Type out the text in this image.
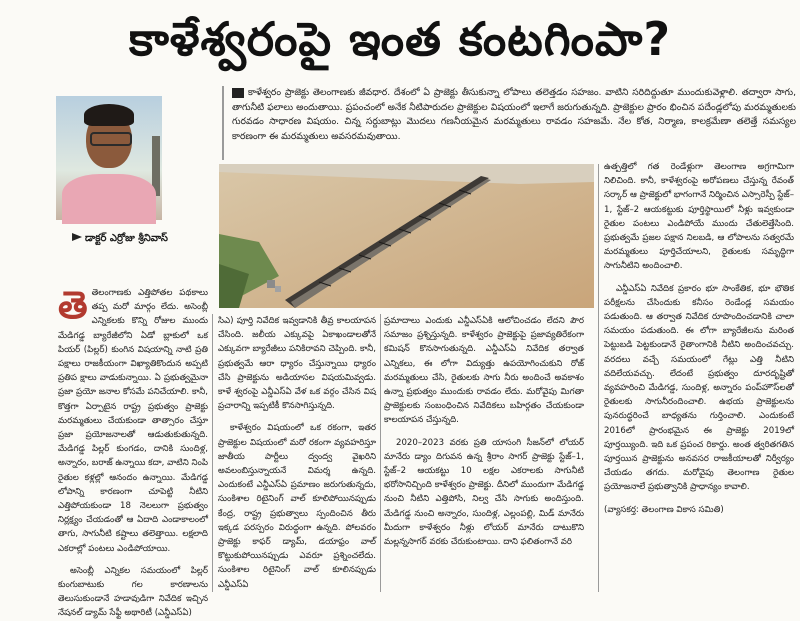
కాళేశ్వరంపై ఇంత కంటగింపా?
డాక్టర్ ఎర్రోజు శ్రీనివాస్
కాళేశ్వరం ప్రాజెక్టు తెలంగాణకు జీవధార. దేశంలో ఏ ప్రాజెక్టు తీసుకున్నా లోపాలు తలెత్తడం సహజం. వాటిని సరిదిద్దుతూ ముందుకువెళ్లాలి. తద్వారా సాగు, తాగునీటి ఫలాలు అందుతాయి. ప్రపంచంలో అనేక నీటిపారుదల ప్రాజెక్టుల విషయంలో ఇలాగే జరుగుతున్నది. ప్రాజెక్టుల ప్రారం భించిన పదేండ్లలోపు మరమ్మతులకు గురవడం సాధారణ విషయం. చిన్న సర్దుబాట్లు మొదలు గణనీయమైన మరమ్మతులు రావడం సహజమే. నేల కోత, నిర్మాణ, కాలక్రమేణా తలెత్తే సమస్యల కారణంగా ఈ మరమ్మతులు అవసరమవుతాయి.

తెతెలంగాణకు ఎత్తిపోతల పథకాలు తప్ప మరో మార్గం లేదు. అసెంబ్లీ ఎన్నికలకు కొన్ని రోజుల ముందు మేడిగడ్డ బ్యారేజీలోని ఏడో బ్లాకులో ఒక పియర్ (పిల్లర్) కుంగిన విషయాన్ని నాటి ప్రతి పక్షాలు రాజకీయంగా విఖ్యాతికొందున అప్పటి ప్రతిప క్షాలు వాడుకున్నాయి. ఏ ప్రభుత్వమైనా ప్రజా ప్రయో జనాల కోసమే పనిచేయాలి. కానీ, కొత్తగా ఏర్పాటైన రాష్ట్ర ప్రభుత్వం ప్రాజెక్టు మరమ్మతులు చేయకుండా తాత్సారం చేస్తూ ప్రజా ప్రయోజనాలతో ఆడుతుకుతున్నది. మేడిగడ్డ పిల్లర్ కుంగడం, దానికి సుందిళ్ల, అన్నారం, బరాజ్ ఉన్నాయి కదా, వాటిని నింపి రైతుల కళ్లల్లో ఆనందం ఉన్నాయి. మేడిగడ్డ లోపాన్ని కారణంగా చూపెట్టి నీటిని ఎత్తిపోయకుండా 18 నెలలుగా ప్రభుత్వం నిర్లక్ష్యం చేయడంతో ఆ ఏదాది ఎండాకాలంలో తాగు, సాగునీటి కష్టాలు తలెత్తాయి. లక్షలాది ఎకరాల్లో పంటలు ఎండిపోయాయి.

అసెంబ్లీ ఎన్నికల సమయంలో పిల్లర్ కుంగుబాటుకు గల కారణాలను తెలుసుకుండానే హడావుడిగా నివేదిక ఇచ్చిన నేషనల్ డ్యామ్ సేఫ్టీ అథారిటీ (ఎన్డీఎస్ఏ)

సిఎ) పూర్తి నివేదిక ఇవ్వడానికి తీవ్ర కాలయాపన చేసింది. జలీయ ఎక్కువపై ఏకాఖండాలతోనే ఎక్కువగా బ్యారేజీలు పనికిరావని చెప్పింది. కానీ, ప్రభుత్వమే ఆరా ధ్యారం చేస్తున్నాయి ధ్యారం చేసి ప్రాజెక్టును అడియాసల విషయమివ్వడు. కాళే శ్వరంపై ఎన్డీఎస్ఏ వేళ ఒక వర్గం చేసిన విష ప్రచారాన్ని ఇప్పటికీ కొనసాగిస్తున్నది.

కాళేశ్వరం విషయంలో ఒక రకంగా, ఇతర ప్రాజెక్టుల విషయంలో మరో రకంగా వ్యవహరిస్తూ జాతీయ పార్టీలు ద్వంద్వ వైఖరిని అవలంబిస్తున్నాయనే విమర్శ ఉన్నది. ఎందుకంటే ఎన్డీఎస్ఏ ప్రమాణం జరుగుతున్నదు, సుంకిశాల రిటైనింగ్ వాల్ కూలిపోయినప్పుడు కేంద్ర, రాష్ట్ర ప్రభుత్వాలు స్పందించిన తీరు ఇక్కడ పరస్పరం విరుద్ధంగా ఉన్నది. పోలవరం ప్రాజెక్టు కాఫర్ డ్యామ్, డయాఫ్రం వాల్ కొట్టుకుపోయినప్పుడు ఎవరూ ప్రశ్నించలేదు. సుంకిశాల రిటైనింగ్ వాల్ కూలినప్పుడు ఎన్డీఎస్ఏ

ప్రమాదాలు ఎందుకు ఎన్డీఎస్ఏకి ఆలోచించడం లేదని పౌర సమాజం ప్రశ్నిస్తున్నది. కాళేశ్వరం ప్రాజెక్టుపై ప్రజావ్యతిరేకంగా కమిషన్ కొనసాగుతున్నది. ఎన్డీఎస్ఏ నివేదిక తర్వాత ఎన్నికలు, ఈ లోగా విద్యుత్తు ఉపయోగించుకుని రోజ్ మరమ్మతులు చేసి, రైతులకు సాగు నీరు అందించే అవకాశం ఉన్నా ప్రభుత్వం ముందుకు రావడం లేదు. మరోవైపు మిగతా ప్రాజెక్టులకు సంబంధించిన నివేదికలు బహిర్గతం చేయకుండా కాలయాపన చేస్తున్నది.

2020–2023 వరకు ప్రతి యాసంగి సీజన్‌లో లోయర్ మానేరు డ్యాం దిగువన ఉన్న శ్రీరాం సాగర్ ప్రాజెక్టు స్టేజ్–1, స్టేజ్–2 ఆయకట్టు 10 లక్షల ఎకరాలకు సాగునీటి భరోసానిచ్చింది కాళేశ్వరం ప్రాజెక్టు. దీనిలో ముందుగా మేడిగడ్డ నుంచి నీటిని ఎత్తిపోసి, నిల్వ చేసి సాగుకు అందిస్తుంది. మేడిగడ్డ నుంచి అన్నారం, సుందిళ్ల, ఎల్లంపల్లి, మిడ్ మానేరు మీదుగా కాళేశ్వరం నీళ్లు లోయర్ మానేరు దాటుకొని మల్లన్నసాగర్ వరకు చేరుకుంటాయి. దాని ఫలితంగానే వరి

ఉత్పత్తిలో గత రెండేళ్లుగా తెలంగాణ అగ్రగామిగా నిలిచింది. కానీ, కాళేశ్వరంపై అరోపణలు చేస్తున్న రేవంత్ సర్కార్ ఆ ప్రాజెక్టులో భాగంగానే నిర్మించిన ఎస్సారెస్పీ స్టేజ్–1, స్టేజ్–2 ఆయకట్టుకు పూర్తిస్థాయిలో నీళ్లు ఇవ్వకుండా రైతుల పంటలు ఎండిపోయే ముందు చేతులెత్తేసింది. ప్రభుత్వమే ప్రజల పక్షాన నిలబడి, ఆ లోపాలను సత్వరమే మరమ్మతులు పూర్తిచేయాలని, రైతులకు సమృద్ధిగా సాగునీటిని అందించాలి.

ఎన్డీఎస్ఏ నివేదిక ప్రకారం భూ సాంకేతిక, భూ భౌతిక పరీక్షలను చేసిందుకు కనీసం రెండేండ్ల సమయం పడుతుంది. ఆ తర్వాత నివేదిక రూపొందించడానికి చాలా సమయం పడుతుంది. ఈ లోగా బ్యారేజీలను మరింత పెట్టుబడి పెట్టకుండానే రైతాంగానికి నీటిని అందించవచ్చు. వరదలు వచ్చే సమయంలో గేట్లు ఎత్తి నీటిని వదిలేయవచ్చు. లేదంటే ప్రభుత్వం దూరదృష్టితో వ్యవహరించి మేడిగడ్డ, సుందిళ్ల, అన్నారం పంప్‌హౌస్‌లతో రైతులకు సాగునీరందించాలి. ఉభయ ప్రాజెక్టులను పునరుద్ధరించే బాధ్యతను గుర్తించాలి. ఎందుకంటే 2016లో ప్రారంభమైన ఈ ప్రాజెక్టు 2019లో పూర్తయ్యింది. ఇది ఒక ప్రపంచ రికార్డు. అంత త్వరితగతిన పూర్తయిన ప్రాజెక్టును అనవసర రాజకీయాలతో నిర్వీర్యం చేయడం తగదు. మరోవైపు తెలంగాణ రైతుల ప్రయోజనాలే ప్రభుత్వానికి ప్రాధాన్యం కావాలి.

(వ్యాసకర్త: తెలంగాణ వికాస సమితి)
